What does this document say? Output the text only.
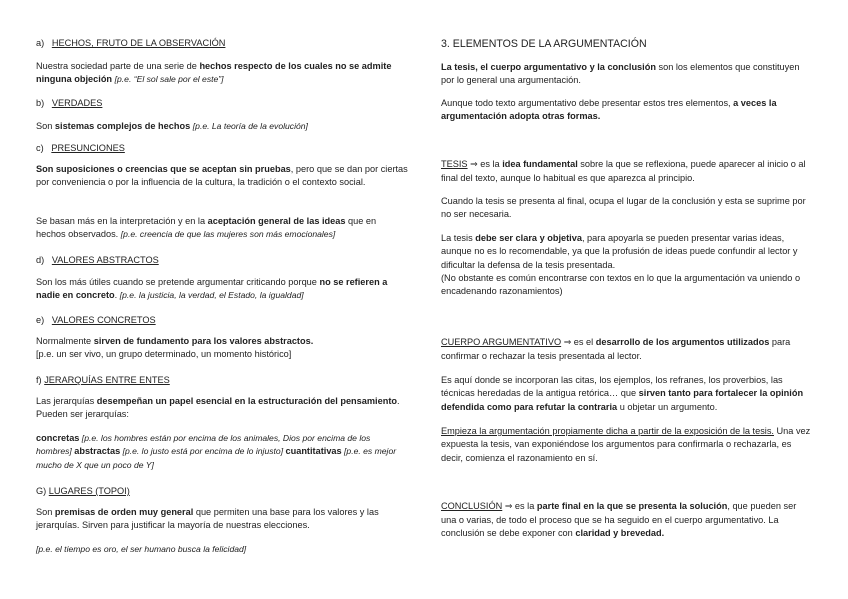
a) HECHOS, FRUTO DE LA OBSERVACIÓN

Nuestra sociedad parte de una serie de hechos respecto de los cuales no se admite ninguna objeción [p.e. “El sol sale por el este”]

b) VERDADES

Son sistemas complejos de hechos [p.e. La teoría de la evolución]

c) PRESUNCIONES

Son suposiciones o creencias que se aceptan sin pruebas, pero que se dan por ciertas por conveniencia o por la influencia de la cultura, la tradición o el contexto social.

Se basan más en la interpretación y en la aceptación general de las ideas que en hechos observados. [p.e. creencia de que las mujeres son más emocionales]

d) VALORES ABSTRACTOS

Son los más útiles cuando se pretende argumentar criticando porque no se refieren a nadie en concreto. [p.e. la justicia, la verdad, el Estado, la igualdad]

e) VALORES CONCRETOS

Normalmente sirven de fundamento para los valores abstractos.
[p.e. un ser vivo, un grupo determinado, un momento histórico]

f) JERARQUÍAS ENTRE ENTES

Las jerarquías desempeñan un papel esencial en la estructuración del pensamiento. Pueden ser jerarquías:

concretas [p.e. los hombres están por encima de los animales, Dios por encima de los hombres] abstractas [p.e. lo justo está por encima de lo injusto] cuantitativas [p.e. es mejor mucho de X que un poco de Y]

G) LUGARES (TOPOI)

Son premisas de orden muy general que permiten una base para los valores y las jerarquías. Sirven para justificar la mayoría de nuestras elecciones.

[p.e. el tiempo es oro, el ser humano busca la felicidad]

3. ELEMENTOS DE LA ARGUMENTACIÓN

La tesis, el cuerpo argumentativo y la conclusión son los elementos que constituyen por lo general una argumentación.

Aunque todo texto argumentativo debe presentar estos tres elementos, a veces la argumentación adopta otras formas.

TESIS ⇒ es la idea fundamental sobre la que se reflexiona, puede aparecer al inicio o al final del texto, aunque lo habitual es que aparezca al principio.

Cuando la tesis se presenta al final, ocupa el lugar de la conclusión y esta se suprime por no ser necesaria.

La tesis debe ser clara y objetiva, para apoyarla se pueden presentar varias ideas, aunque no es lo recomendable, ya que la profusión de ideas puede confundir al lector y dificultar la defensa de la tesis presentada.
(No obstante es común encontrarse con textos en lo que la argumentación va uniendo o encadenando razonamientos)

CUERPO ARGUMENTATIVO ⇒ es el desarrollo de los argumentos utilizados para confirmar o rechazar la tesis presentada al lector.

Es aquí donde se incorporan las citas, los ejemplos, los refranes, los proverbios, las técnicas heredadas de la antigua retórica… que sirven tanto para fortalecer la opinión defendida como para refutar la contraria u objetar un argumento.

Empieza la argumentación propiamente dicha a partir de la exposición de la tesis. Una vez expuesta la tesis, van exponiéndose los argumentos para confirmarla o rechazarla, es decir, comienza el razonamiento en sí.

CONCLUSIÓN ⇒ es la parte final en la que se presenta la solución, que pueden ser una o varias, de todo el proceso que se ha seguido en el cuerpo argumentativo. La conclusión se debe exponer con claridad y brevedad.
